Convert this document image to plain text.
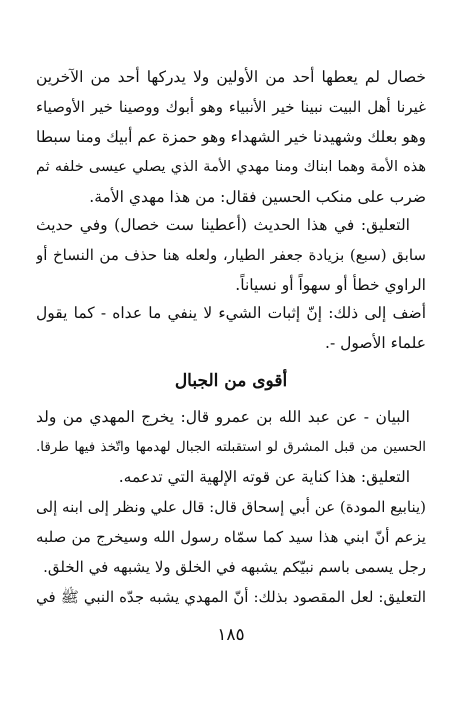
خصال لم يعطها أحد من الأولين ولا يدركها أحد من الآخرين
غيرنا أهل البيت نبينا خير الأنبياء وهو أبوك ووصينا خير الأوصياء
وهو بعلك وشهيدنا خير الشهداء وهو حمزة عم أبيك ومنا سبطا
هذه الأمة وهما ابناك ومنا مهدي الأمة الذي يصلي عيسى خلفه ثم
ضرب على منكب الحسين فقال: من هذا مهدي الأمة.
التعليق: في هذا الحديث (أعطينا ست خصال) وفي حديث
سابق (سبع) بزيادة جعفر الطيار، ولعله هنا حذف من النساخ أو
الراوي خطأ أو سهواً أو نسياناً.
أضف إلى ذلك: إنّ إثبات الشيء لا ينفي ما عداه - كما يقول
علماء الأصول -.
أقوى من الجبال
البيان - عن عبد الله بن عمرو قال: يخرج المهدي من ولد
الحسين من قبل المشرق لو استقبلته الجبال لهدمها واتّخذ فيها طرقا.
التعليق: هذا كناية عن قوته الإلهية التي تدعمه.
(ينابيع المودة) عن أبي إسحاق قال: قال علي ونظر إلى ابنه إلى
يزعم أنّ ابني هذا سيد كما سمّاه رسول الله وسيخرج من صلبه
رجل يسمى باسم نبيّكم يشبهه في الخلق ولا يشبهه في الخلق.
التعليق: لعل المقصود بذلك: أنّ المهدي يشبه جدّه النبي ﷺ في
١٨٥
